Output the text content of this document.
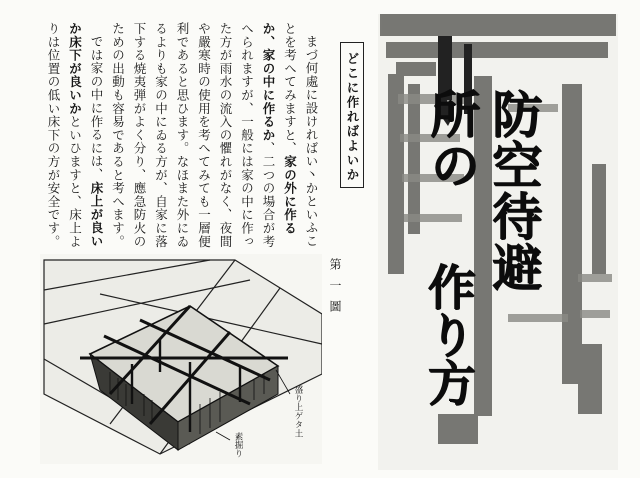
まづ何處に設ければい丶かといふことを考へてみますと、家の外に作るか、家の中に作るか、二つの場合が考へられますが、一般には家の中に作った方が雨水の流入の懼れがなく、夜間や嚴寒時の使用を考へてみても一層便利であると思ひます。なほまた外にゐるよりも家の中にゐる方が、自家に落下する焼夷弾がよく分り、應急防火のための出動も容易であると考へます。

では家の中に作るには、床上が良いか床下が良いかといひますと、床上よりは位置の低い床下の方が安全です。	どこに作ればよいか
第一圖
盛り上ゲタ土
素掘り
防空待避所の
作り方
